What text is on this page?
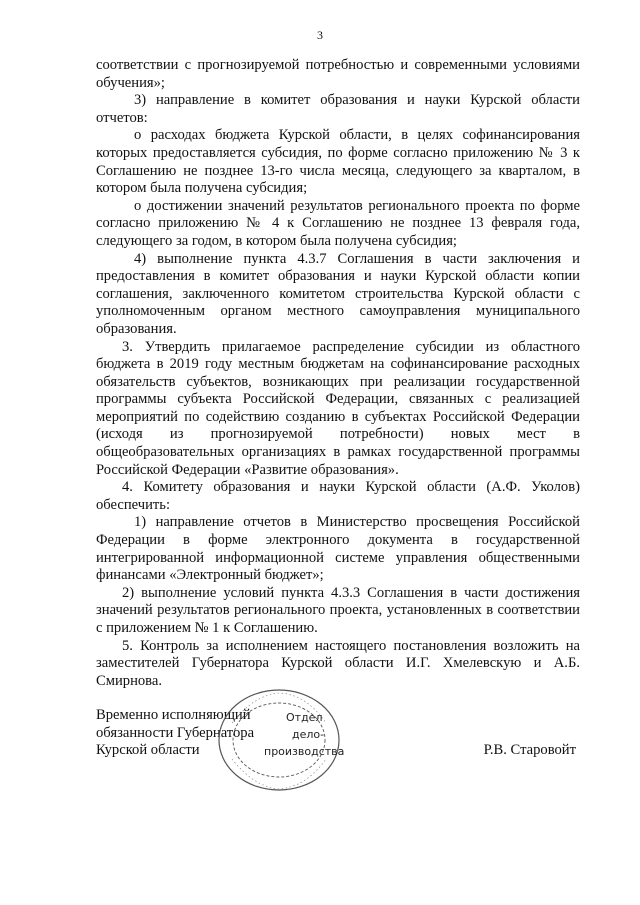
3

соответствии с прогнозируемой потребностью и современными условиями обучения»;

3) направление в комитет образования и науки Курской области отчетов:

о расходах бюджета Курской области, в целях софинансирования которых предоставляется субсидия, по форме согласно приложению № 3 к Соглашению не позднее 13-го числа месяца, следующего за кварталом, в котором была получена субсидия;

о достижении значений результатов регионального проекта по форме согласно приложению № 4 к Соглашению не позднее 13 февраля года, следующего за годом, в котором была получена субсидия;

4) выполнение пункта 4.3.7 Соглашения в части заключения и предоставления в комитет образования и науки Курской области копии соглашения, заключенного комитетом строительства Курской области с уполномоченным органом местного самоуправления муниципального образования.

3. Утвердить прилагаемое распределение субсидии из областного бюджета в 2019 году местным бюджетам на софинансирование расходных обязательств субъектов, возникающих при реализации государственной программы субъекта Российской Федерации, связанных с реализацией мероприятий по содействию созданию в субъектах Российской Федерации (исходя из прогнозируемой потребности) новых мест в общеобразовательных организациях в рамках государственной программы Российской Федерации «Развитие образования».

4. Комитету образования и науки Курской области (А.Ф. Уколов) обеспечить:

1) направление отчетов в Министерство просвещения Российской Федерации в форме электронного документа в государственной интегрированной информационной системе управления общественными финансами «Электронный бюджет»;

2) выполнение условий пункта 4.3.3 Соглашения в части достижения значений результатов регионального проекта, установленных в соответствии с приложением № 1 к Соглашению.

5. Контроль за исполнением настоящего постановления возложить на заместителей Губернатора Курской области И.Г. Хмелевскую и А.Б. Смирнова.

Временно исполняющий
обязанности Губернатора
Курской области
Отдел
дело-
производства	Р.В. Старовойт
